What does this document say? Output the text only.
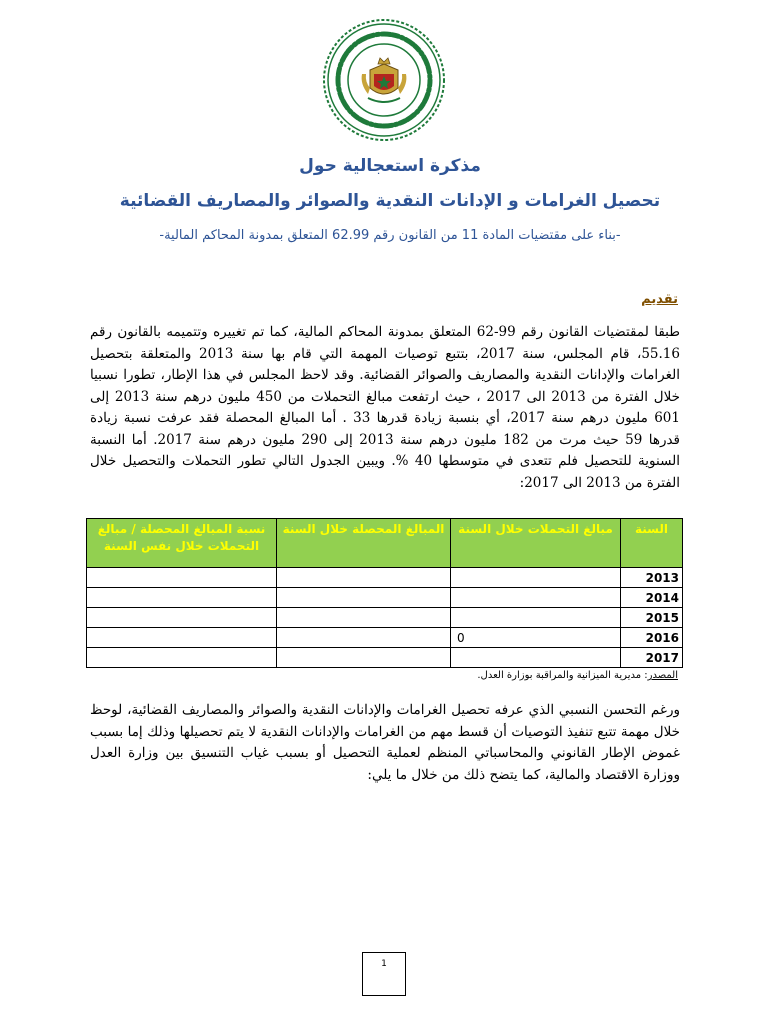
مذكرة استعجالية حول
تحصيل الغرامات و الإدانات النقدية والصوائر والمصاريف القضائية
-بناء على مقتضيات المادة 11 من القانون رقم 62.99 المتعلق بمدونة المحاكم المالية-
تقديم
طبقا لمقتضيات القانون رقم 99-62 المتعلق بمدونة المحاكم المالية، كما تم تغييره وتتميمه بالقانون رقم 55.16، قام المجلس، سنة 2017، بتتبع توصيات المهمة التي قام بها سنة 2013 والمتعلقة بتحصيل الغرامات والإدانات النقدية والمصاريف والصوائر القضائية. وقد لاحظ المجلس في هذا الإطار، تطورا نسبيا خلال الفترة من 2013 الى 2017 ، حيث ارتفعت مبالغ التحملات من 450 مليون درهم سنة 2013 إلى 601 مليون درهم سنة 2017، أي بنسبة زيادة قدرها 33 . أما المبالغ المحصلة فقد عرفت نسبة زيادة قدرها 59 حيث مرت من 182 مليون درهم سنة 2013 إلى 290 مليون درهم سنة 2017. أما النسبة السنوية للتحصيل فلم تتعدى في متوسطها 40 %. ويبين الجدول التالي تطور التحملات والتحصيل خلال الفترة من 2013 الى 2017:
السنة	مبالغ التحملات خلال السنة	المبالغ المحصلة خلال السنة	نسبة المبالغ المحصلة / مبالغ التحملات خلال نفس السنة
2013			
2014			
2015			
2016	0		
2017			
المصدر: مديرية الميزانية والمراقبة بوزارة العدل.
ورغم التحسن النسبي الذي عرفه تحصيل الغرامات والإدانات النقدية والصوائر والمصاريف القضائية، لوحظ خلال مهمة تتبع تنفيذ التوصيات أن قسط مهم من الغرامات والإدانات النقدية لا يتم تحصيلها وذلك إما بسبب غموض الإطار القانوني والمحاسباتي المنظم لعملية التحصيل أو بسبب غياب التنسيق بين وزارة العدل ووزارة الاقتصاد والمالية، كما يتضح ذلك من خلال ما يلي:
1
